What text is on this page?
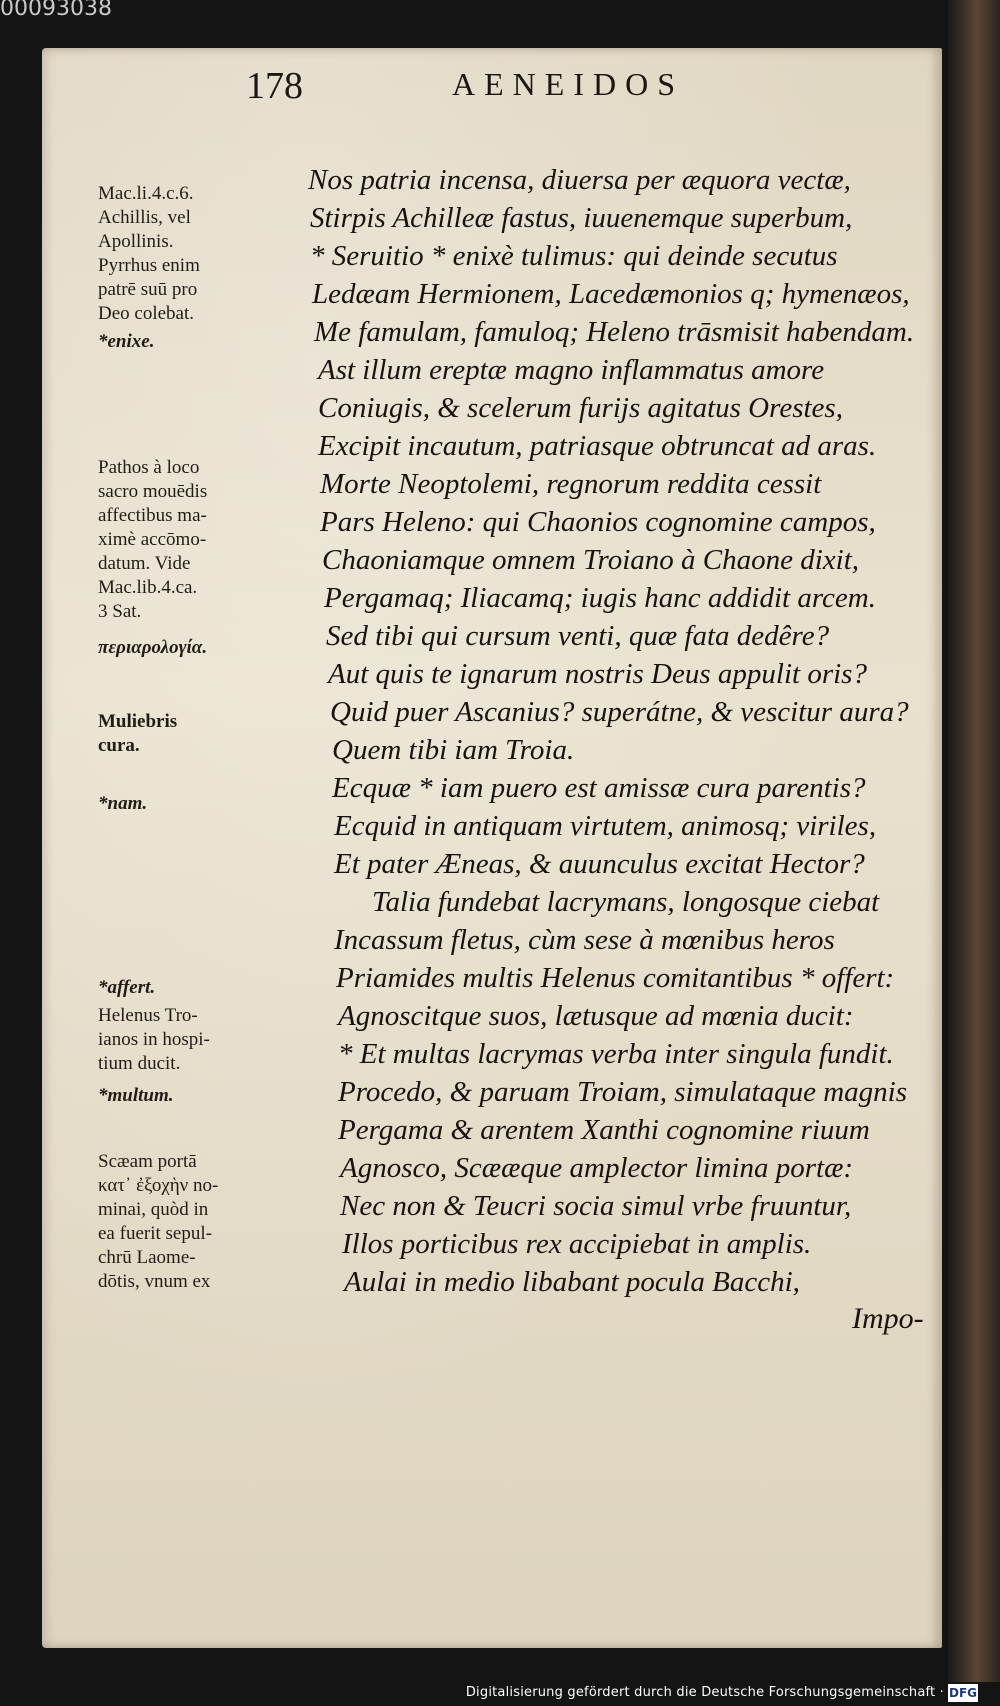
00093038
178	AENEIDOS
Mac.li.4.c.6.
Achillis, vel
Apollinis.
Pyrrhus enim
patrē suū pro
Deo colebat.
*enixe.
Pathos à loco
sacro mouēdis
affectibus ma-
ximè accōmo-
datum. Vide
Mac.lib.4.ca.
3 Sat.
περιαρολογία.
Muliebris
cura.
*nam.
*affert.
Helenus Tro-
ianos in hospi-
tium ducit.
*multum.
Scæam portā
κατ᾽ ἐξοχὴν no-
minai, quòd in
ea fuerit sepul-
chrū Laome-
dōtis, vnum ex
Nos patria incensa, diuersa per æquora vectæ,
Stirpis Achilleæ fastus, iuuenemque superbum,
* Seruitio * enixè tulimus: qui deinde secutus
Ledæam Hermionem, Lacedæmonios q; hymenæos,
Me famulam, famuloq; Heleno trāsmisit habendam.
Ast illum ereptæ magno inflammatus amore
Coniugis, & scelerum furijs agitatus Orestes,
Excipit incautum, patriasque obtruncat ad aras.
Morte Neoptolemi, regnorum reddita cessit
Pars Heleno: qui Chaonios cognomine campos,
Chaoniamque omnem Troiano à Chaone dixit,
Pergamaq; Iliacamq; iugis hanc addidit arcem.
Sed tibi qui cursum venti, quæ fata dedêre?
Aut quis te ignarum nostris Deus appulit oris?
Quid puer Ascanius? superátne, & vescitur aura?
Quem tibi iam Troia.
Ecquæ * iam puero est amissæ cura parentis?
Ecquid in antiquam virtutem, animosq; viriles,
Et pater Æneas, & auunculus excitat Hector?
Talia fundebat lacrymans, longosque ciebat
Incassum fletus, cùm sese à mœnibus heros
Priamides multis Helenus comitantibus * offert:
Agnoscitque suos, lætusque ad mœnia ducit:
* Et multas lacrymas verba inter singula fundit.
Procedo, & paruam Troiam, simulataque magnis
Pergama & arentem Xanthi cognomine riuum
Agnosco, Scææque amplector limina portæ:
Nec non & Teucri socia simul vrbe fruuntur,
Illos porticibus rex accipiebat in amplis.
Aulai in medio libabant pocula Bacchi,
Impo-
Digitalisierung gefördert durch die Deutsche Forschungsgemeinschaft · DFG
